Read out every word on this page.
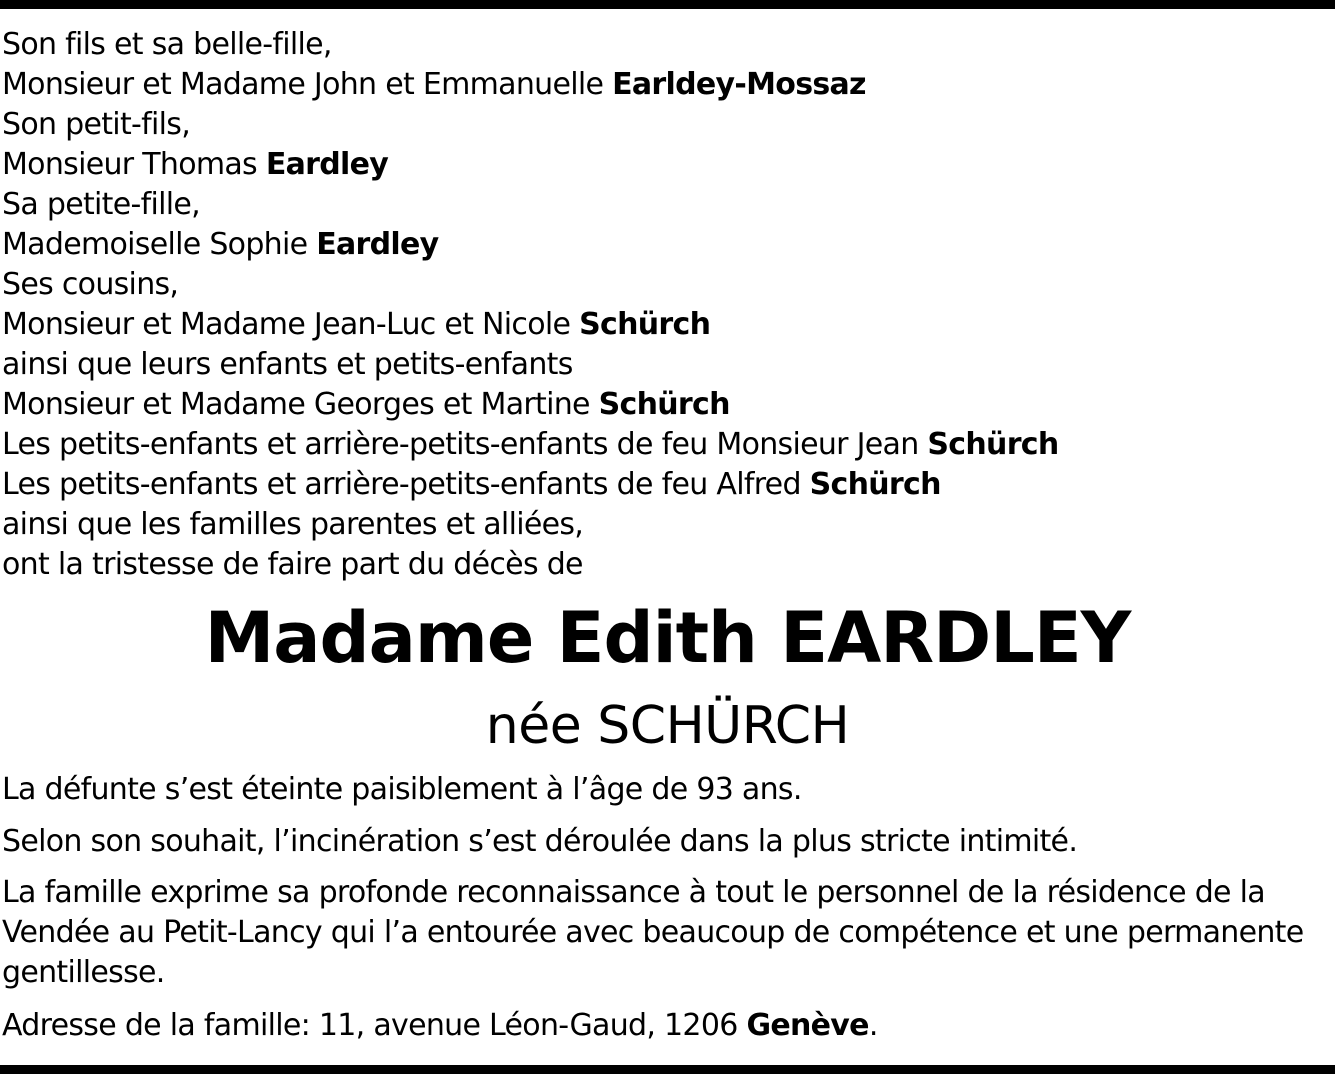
Son fils et sa belle-fille,
Monsieur et Madame John et Emmanuelle Earldey-Mossaz
Son petit-fils,
Monsieur Thomas Eardley
Sa petite-fille,
Mademoiselle Sophie Eardley
Ses cousins,
Monsieur et Madame Jean-Luc et Nicole Schürch
ainsi que leurs enfants et petits-enfants
Monsieur et Madame Georges et Martine Schürch
Les petits-enfants et arrière-petits-enfants de feu Monsieur Jean Schürch
Les petits-enfants et arrière-petits-enfants de feu Alfred Schürch
ainsi que les familles parentes et alliées,
ont la tristesse de faire part du décès de
Madame Edith EARDLEY
née SCHÜRCH
La défunte s’est éteinte paisiblement à l’âge de 93 ans.
Selon son souhait, l’incinération s’est déroulée dans la plus stricte intimité.
La famille exprime sa profonde reconnaissance à tout le personnel de la résidence de la
Vendée au Petit-Lancy qui l’a entourée avec beaucoup de compétence et une permanente
gentillesse.
Adresse de la famille: 11, avenue Léon-Gaud, 1206 Genève.
